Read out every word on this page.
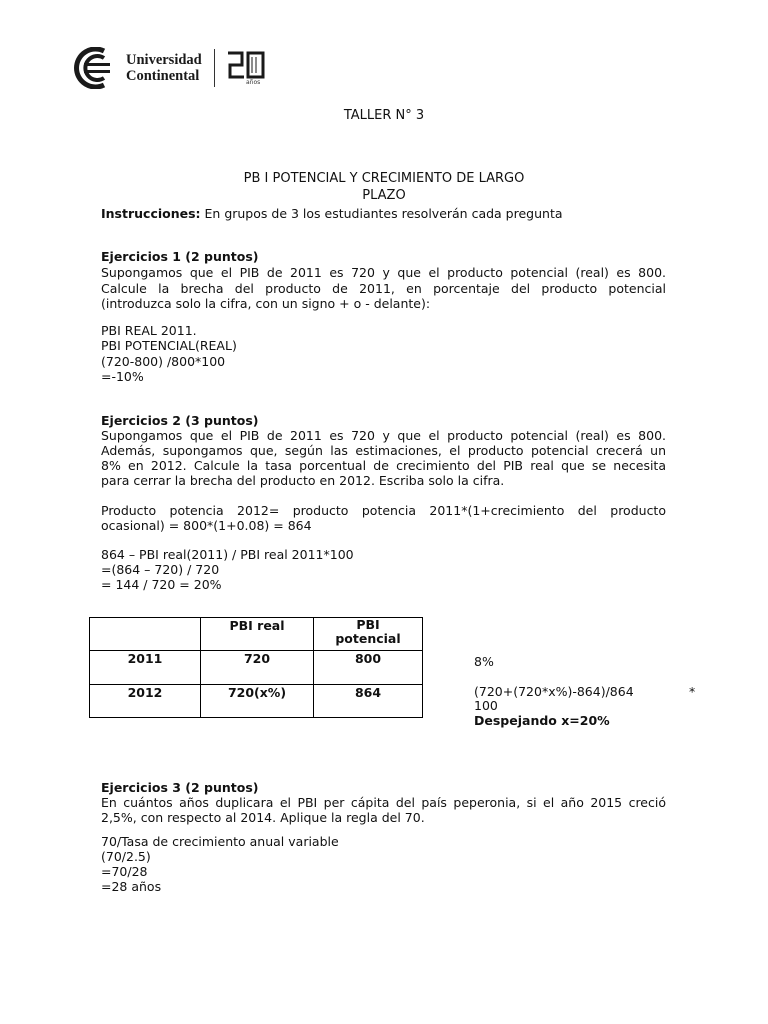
Universidad
Continental	años
TALLER N° 3
PB I POTENCIAL Y CRECIMIENTO DE LARGO
PLAZO
Instrucciones: En grupos de 3 los estudiantes resolverán cada pregunta
Ejercicios 1 (2 puntos)
Supongamos que el PIB de 2011 es 720 y que el producto potencial (real) es 800.
Calcule la brecha del producto de 2011, en porcentaje del producto potencial
(introduzca solo la cifra, con un signo + o - delante):
PBI REAL 2011.
PBI POTENCIAL(REAL)
(720-800) /800*100
=-10%
Ejercicios 2 (3 puntos)
Supongamos que el PIB de 2011 es 720 y que el producto potencial (real) es 800.
Además, supongamos que, según las estimaciones, el producto potencial crecerá un
8% en 2012. Calcule la tasa porcentual de crecimiento del PIB real que se necesita
para cerrar la brecha del producto en 2012. Escriba solo la cifra.
Producto potencia 2012= producto potencia 2011*(1+crecimiento del producto
ocasional) = 800*(1+0.08) = 864
864 – PBI real(2011) / PBI real 2011*100
=(864 – 720) / 720
= 144 / 720 = 20%
	PBI real	PBI
potencial
2011	720	800
2012	720(x%)	864
8%
(720+(720*x%)-864)/864	*
100
Despejando x=20%
Ejercicios 3 (2 puntos)
En cuántos años duplicara el PBI per cápita del país peperonia, si el año 2015 creció
2,5%, con respecto al 2014. Aplique la regla del 70.
70/Tasa de crecimiento anual variable
(70/2.5)
=70/28
=28 años
